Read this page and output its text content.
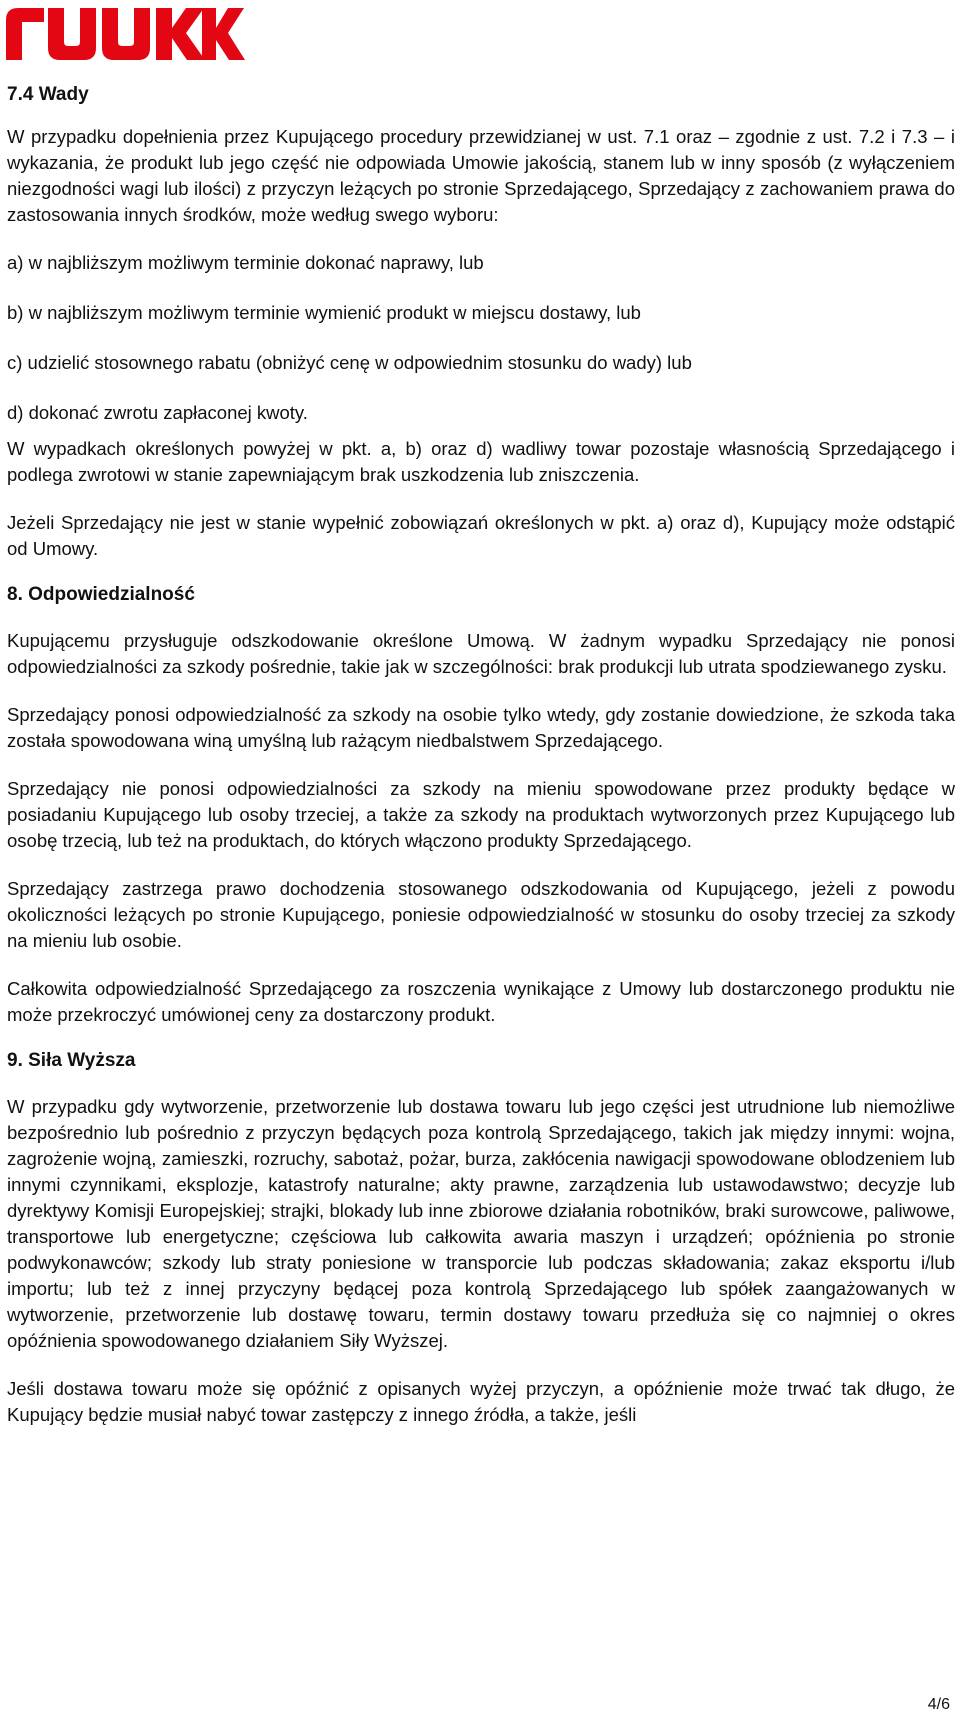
7.4 Wady

W przypadku dopełnienia przez Kupującego procedury przewidzianej w ust. 7.1 oraz – zgodnie z ust. 7.2 i 7.3 – i wykazania, że produkt lub jego część nie odpowiada Umowie jakością, stanem lub w inny sposób (z wyłączeniem niezgodności wagi lub ilości) z przyczyn leżących po stronie Sprzedającego, Sprzedający z zachowaniem prawa do zastosowania innych środków, może według swego wyboru:

a) w najbliższym możliwym terminie dokonać naprawy, lub

b) w najbliższym możliwym terminie wymienić produkt w miejscu dostawy, lub

c) udzielić stosownego rabatu (obniżyć cenę w odpowiednim stosunku do wady) lub

d) dokonać zwrotu zapłaconej kwoty.

W wypadkach określonych powyżej w pkt. a, b) oraz d) wadliwy towar pozostaje własnością Sprzedającego i podlega zwrotowi w stanie zapewniającym brak uszkodzenia lub zniszczenia.

Jeżeli Sprzedający nie jest w stanie wypełnić zobowiązań określonych w pkt. a) oraz d), Kupujący może odstąpić od Umowy.

8. Odpowiedzialność

Kupującemu przysługuje odszkodowanie określone Umową. W żadnym wypadku Sprzedający nie ponosi odpowiedzialności za szkody pośrednie, takie jak w szczególności: brak produkcji lub utrata spodziewanego zysku.

Sprzedający ponosi odpowiedzialność za szkody na osobie tylko wtedy, gdy zostanie dowiedzione, że szkoda taka została spowodowana winą umyślną lub rażącym niedbalstwem Sprzedającego.

Sprzedający nie ponosi odpowiedzialności za szkody na mieniu spowodowane przez produkty będące w posiadaniu Kupującego lub osoby trzeciej, a także za szkody na produktach wytworzonych przez Kupującego lub osobę trzecią, lub też na produktach, do których włączono produkty Sprzedającego.

Sprzedający zastrzega prawo dochodzenia stosowanego odszkodowania od Kupującego, jeżeli z powodu okoliczności leżących po stronie Kupującego, poniesie odpowiedzialność w stosunku do osoby trzeciej za szkody na mieniu lub osobie.

Całkowita odpowiedzialność Sprzedającego za roszczenia wynikające z Umowy lub dostarczonego produktu nie może przekroczyć umówionej ceny za dostarczony produkt.

9. Siła Wyższa

W przypadku gdy wytworzenie, przetworzenie lub dostawa towaru lub jego części jest utrudnione lub niemożliwe bezpośrednio lub pośrednio z przyczyn będących poza kontrolą Sprzedającego, takich jak między innymi: wojna, zagrożenie wojną, zamieszki, rozruchy, sabotaż, pożar, burza, zakłócenia nawigacji spowodowane oblodzeniem lub innymi czynnikami, eksplozje, katastrofy naturalne; akty prawne, zarządzenia lub ustawodawstwo; decyzje lub dyrektywy Komisji Europejskiej; strajki, blokady lub inne zbiorowe działania robotników, braki surowcowe, paliwowe, transportowe lub energetyczne; częściowa lub całkowita awaria maszyn i urządzeń; opóźnienia po stronie podwykonawców; szkody lub straty poniesione w transporcie lub podczas składowania; zakaz eksportu i/lub importu; lub też z innej przyczyny będącej poza kontrolą Sprzedającego lub spółek zaangażowanych w wytworzenie, przetworzenie lub dostawę towaru, termin dostawy towaru przedłuża się co najmniej o okres opóźnienia spowodowanego działaniem Siły Wyższej.

Jeśli dostawa towaru może się opóźnić z opisanych wyżej przyczyn, a opóźnienie może trwać tak długo, że Kupujący będzie musiał nabyć towar zastępczy z innego źródła, a także, jeśli

4/6
